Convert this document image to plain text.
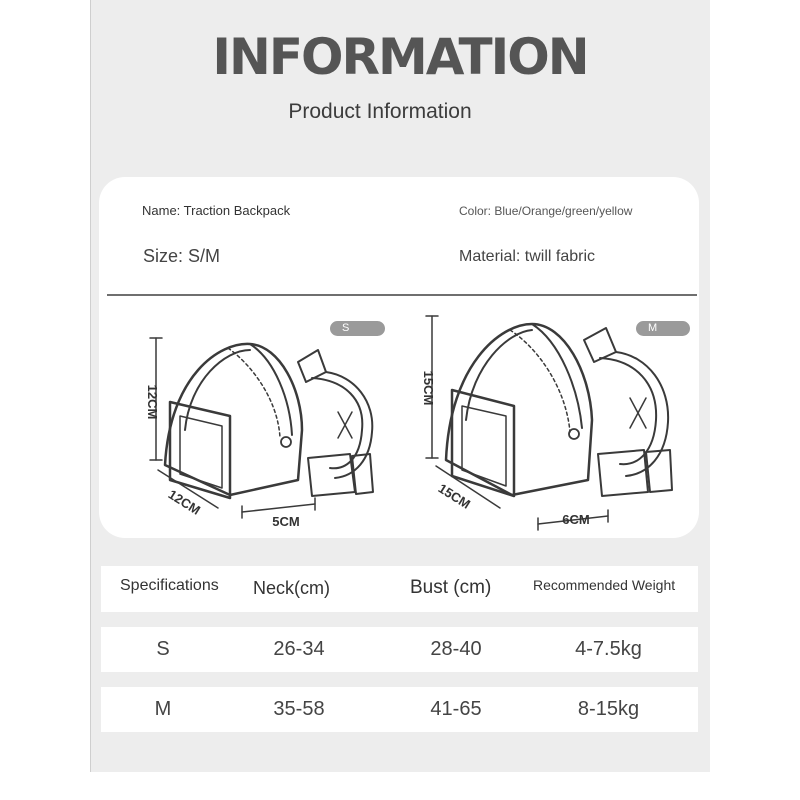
INFORMATION
Product Information
Name: Traction Backpack	Color: Blue/Orange/green/yellow
Size: S/M	Material: twill fabric
S
12CM
12CM
5CM
M
15CM
15CM
6CM
Specifications Neck(cm)	Bust (cm)	Recommended Weight
S	26-34	28-40	4-7.5kg
M	35-58	41-65	8-15kg
